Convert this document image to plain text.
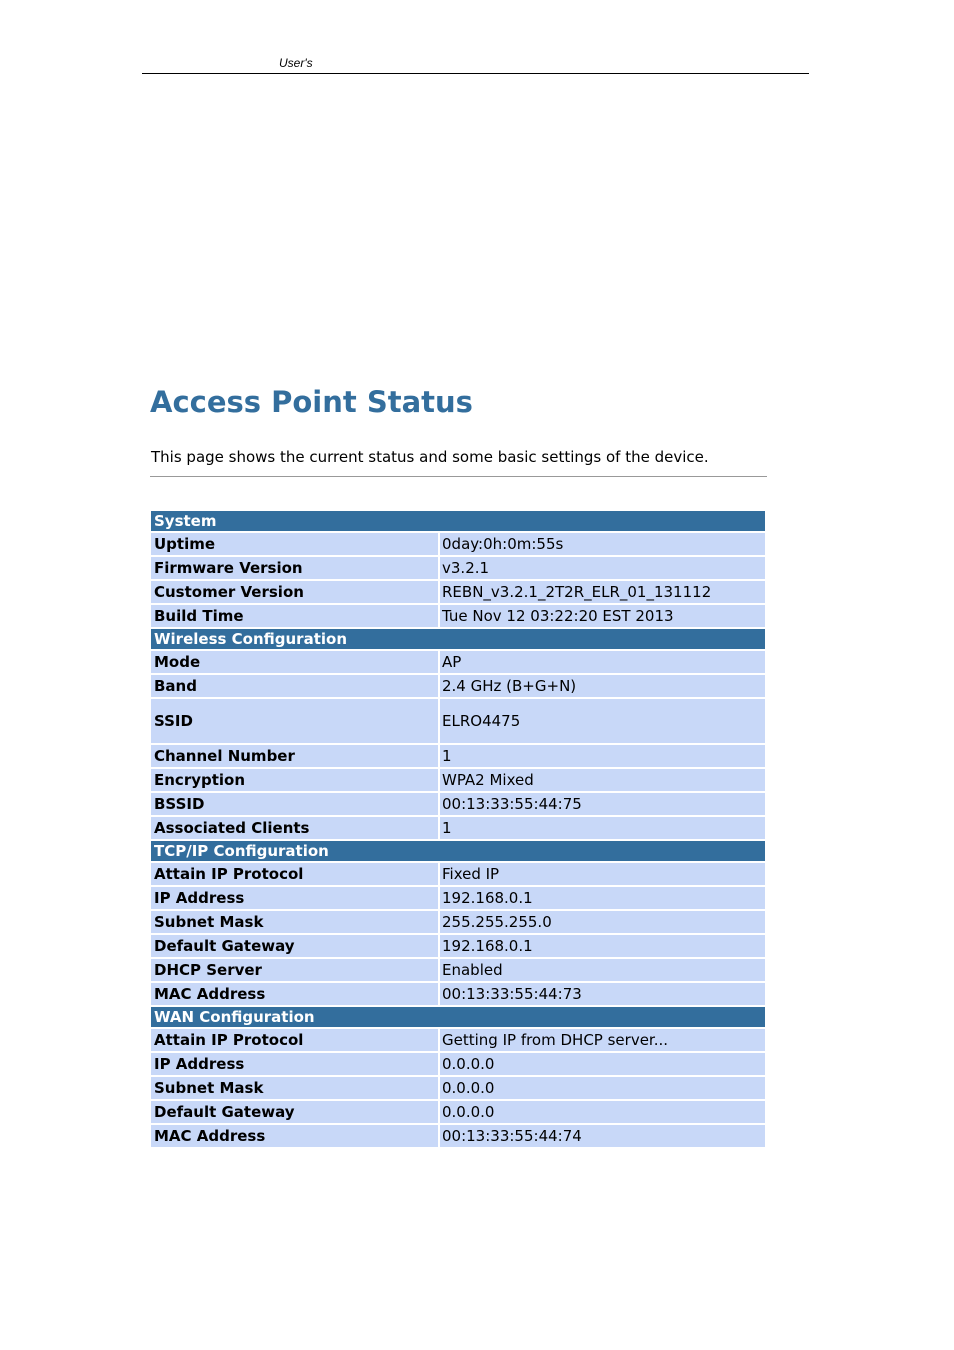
User's
Access Point Status
This page shows the current status and some basic settings of the device.
System	
Uptime	0day:0h:0m:55s
Firmware Version	v3.2.1
Customer Version	REBN_v3.2.1_2T2R_ELR_01_131112
Build Time	Tue Nov 12 03:22:20 EST 2013
Wireless Configuration	
Mode	AP
Band	2.4 GHz (B+G+N)
SSID	ELRO4475
Channel Number	1
Encryption	WPA2 Mixed
BSSID	00:13:33:55:44:75
Associated Clients	1
TCP/IP Configuration	
Attain IP Protocol	Fixed IP
IP Address	192.168.0.1
Subnet Mask	255.255.255.0
Default Gateway	192.168.0.1
DHCP Server	Enabled
MAC Address	00:13:33:55:44:73
WAN Configuration	
Attain IP Protocol	Getting IP from DHCP server...
IP Address	0.0.0.0
Subnet Mask	0.0.0.0
Default Gateway	0.0.0.0
MAC Address	00:13:33:55:44:74
